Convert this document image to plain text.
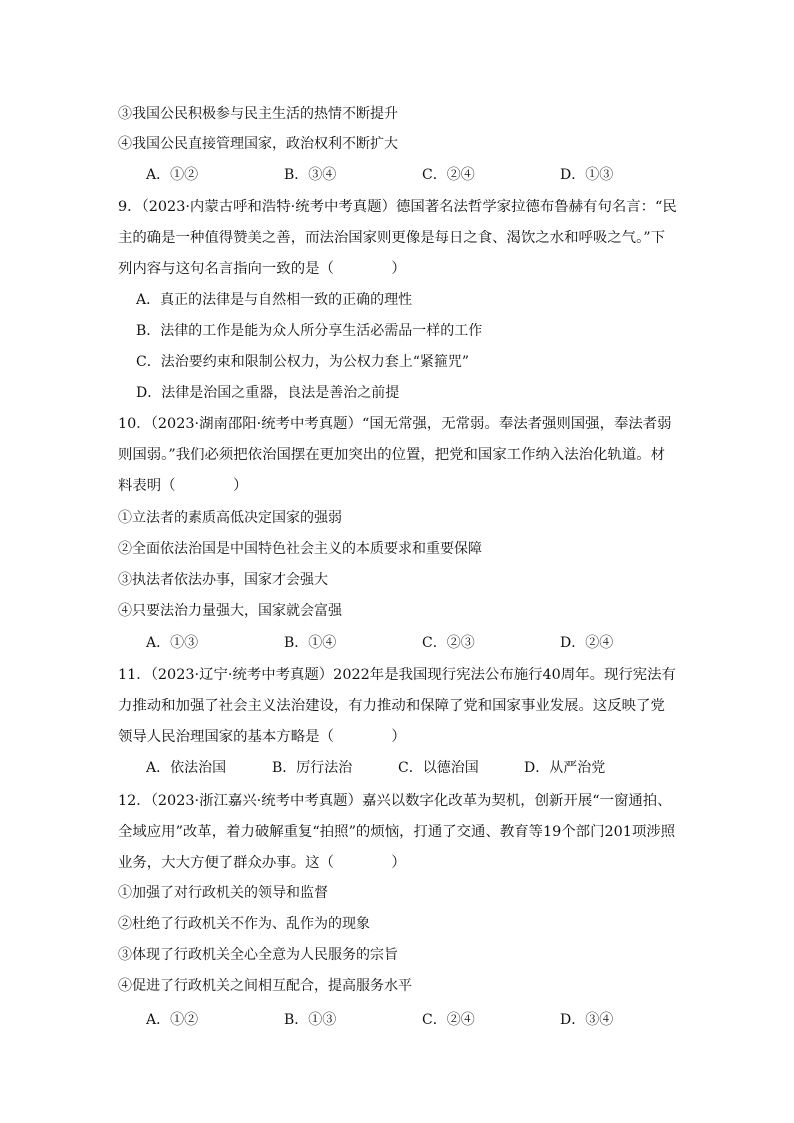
③我国公民积极参与民主生活的热情不断提升
④我国公民直接管理国家，政治权利不断扩大
A．①②	B．③④	C．②④	D．①③
9．（2023·内蒙古呼和浩特·统考中考真题）德国著名法哲学家拉德布鲁赫有句名言：“民主的确是一种值得赞美之善，而法治国家则更像是每日之食、渴饮之水和呼吸之气。”下列内容与这句名言指向一致的是（　　　　）
A．真正的法律是与自然相一致的正确的理性
B．法律的工作是能为众人所分享生活必需品一样的工作
C．法治要约束和限制公权力，为公权力套上“紧箍咒”
D．法律是治国之重器，良法是善治之前提
10．（2023·湖南邵阳·统考中考真题）“国无常强，无常弱。奉法者强则国强，奉法者弱则国弱。”我们必须把依治国摆在更加突出的位置，把党和国家工作纳入法治化轨道。材料表明（　　　　）
①立法者的素质高低决定国家的强弱
②全面依法治国是中国特色社会主义的本质要求和重要保障
③执法者依法办事，国家才会强大
④只要法治力量强大，国家就会富强
A．①③	B．①④	C．②③	D．②④
11．（2023·辽宁·统考中考真题）2022年是我国现行宪法公布施行40周年。现行宪法有力推动和加强了社会主义法治建设，有力推动和保障了党和国家事业发展。这反映了党领导人民治理国家的基本方略是（　　　　）
A．依法治国	B．厉行法治	C．以德治国	D．从严治党
12．（2023·浙江嘉兴·统考中考真题）嘉兴以数字化改革为契机，创新开展“一窗通拍、全域应用”改革，着力破解重复“拍照”的烦恼，打通了交通、教育等19个部门201项涉照业务，大大方便了群众办事。这（　　　　）
①加强了对行政机关的领导和监督
②杜绝了行政机关不作为、乱作为的现象
③体现了行政机关全心全意为人民服务的宗旨
④促进了行政机关之间相互配合，提高服务水平
A．①②	B．①③	C．②④	D．③④
